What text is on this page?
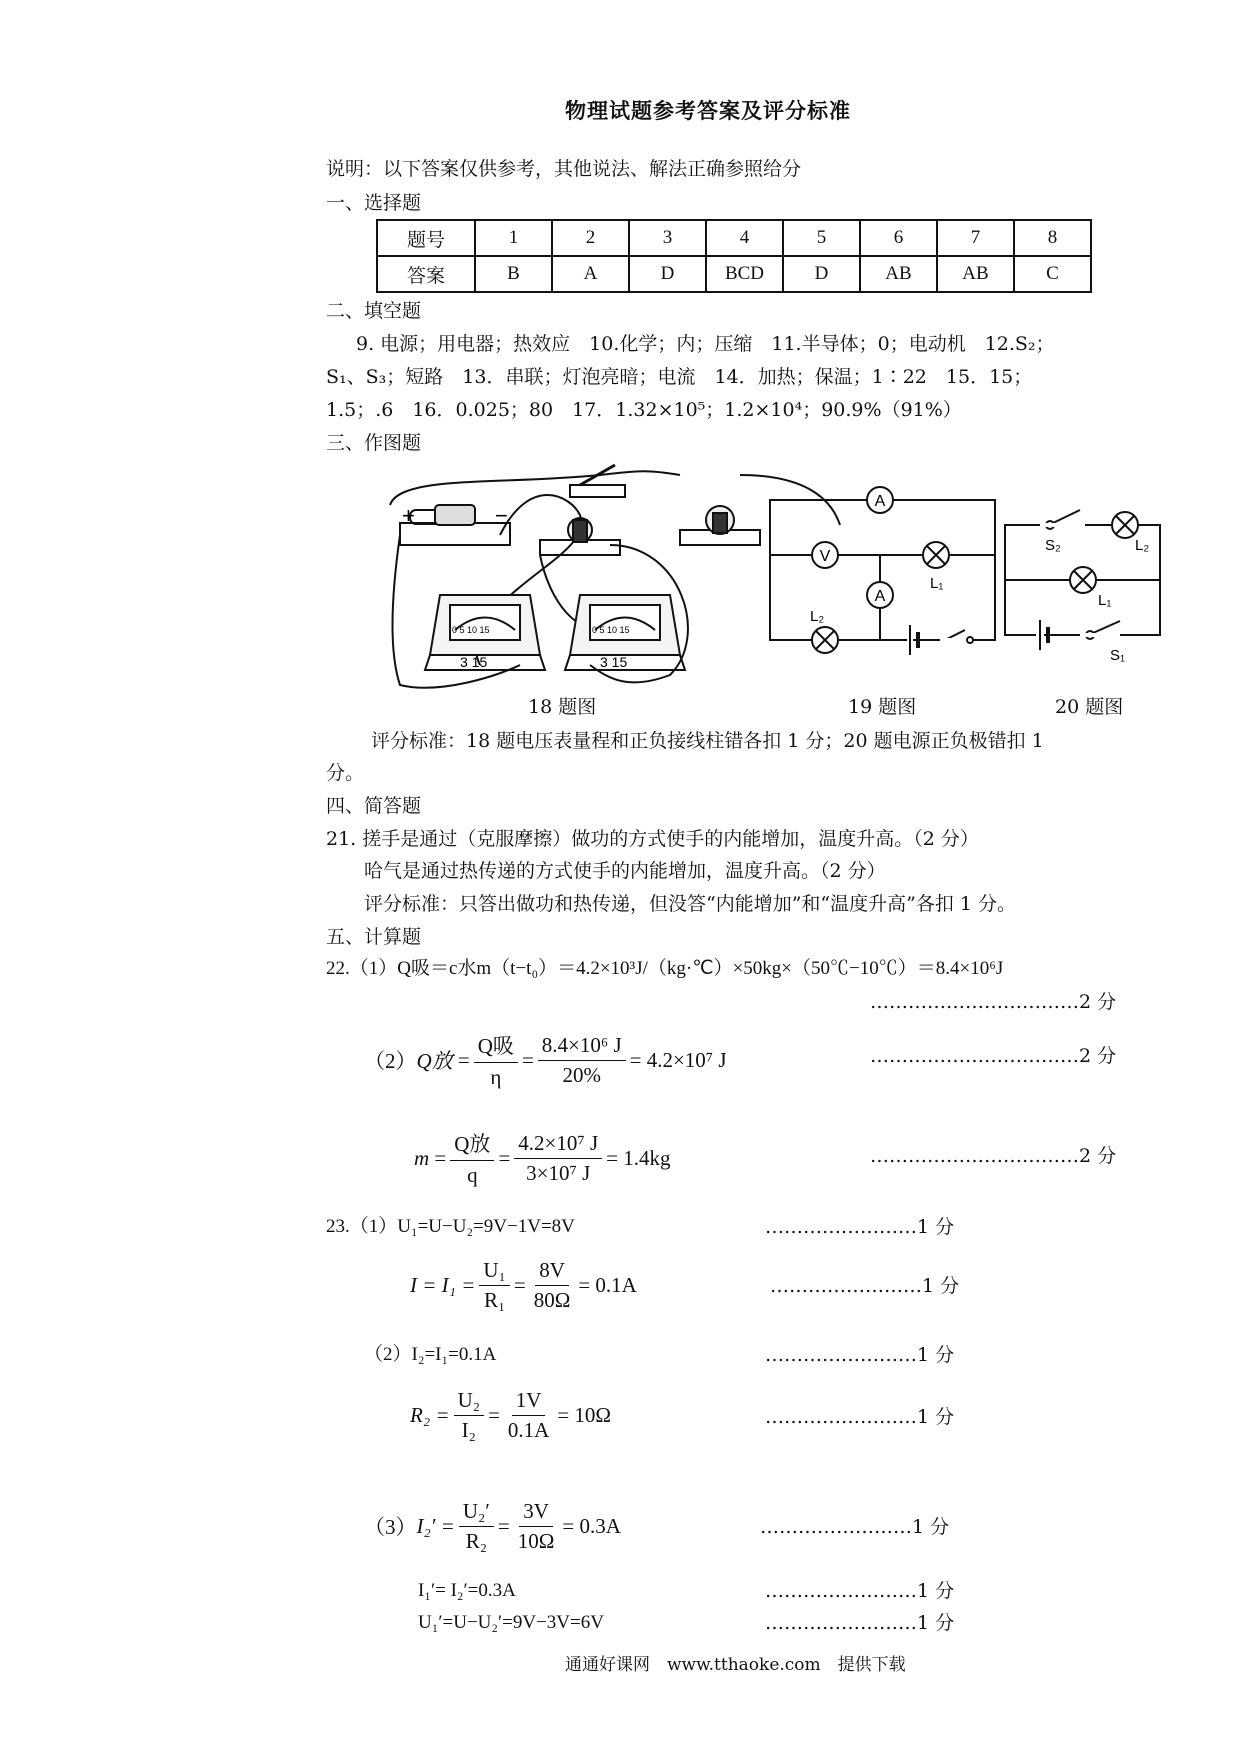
物理试题参考答案及评分标准
说明：以下答案仅供参考，其他说法、解法正确参照给分
一、选择题
题号	1	2	3	4	5	6	7	8
答案	B	A	D	BCD	D	AB	AB	C
二、填空题
9. 电源；用电器；热效应　10.化学；内；压缩　11.半导体；0；电动机　12.S₂；
S₁、S₃；短路　13．串联；灯泡亮暗；电流　14．加热；保温；1∶22　15．15；
1.5；.6　16．0.025；80　17．1.32×10⁵；1.2×10⁴；90.9%（91%）
三、作图题
+	−
0 5 10 15	0 5 10 15
3 15	3 15
A
V
A
L₁
L₂
S₂	L₂
L₁
S₁
18 题图	19 题图	20 题图
评分标准：18 题电压表量程和正负接线柱错各扣 1 分；20 题电源正负极错扣 1
分。
四、简答题
21. 搓手是通过（克服摩擦）做功的方式使手的内能增加，温度升高。（2 分）
哈气是通过热传递的方式使手的内能增加，温度升高。（2 分）
评分标准：只答出做功和热传递，但没答“内能增加”和“温度升高”各扣 1 分。
五、计算题
22.（1）Q吸＝c水m（t−t₀）＝4.2×10³J/（kg·℃）×50kg×（50℃−10℃）＝8.4×10⁶J
……………………………2 分
（2） Q放 = $\frac{\text{Q吸}}{\eta} = \frac{\text{8.4×10⁶ J}}{20\%} = 4.2\times 10^7$ J	……………………………2 分
$m = \frac{\text{Q放}}{q} = \frac{\text{4.2×10⁷ J}}{\text{3×10⁷ J}} = 1.4kg$	……………………………2 分
23.（1）U₁=U−U₂=9V−1V=8V	……………………1 分
$I = I_1 = \frac{\text{U₁}}{\text{R₁}} = \frac{8V}{80\Omega} = 0.1A$	……………………1 分
（2）I₂=I₁=0.1A	……………………1 分
$R_2 = \frac{\text{U₂}}{\text{I₂}} = \frac{1V}{0.1A} = 10\Omega$	……………………1 分
（3） $I_2' = \frac{\text{U₂′}}{\text{R₂}} = \frac{3V}{10\Omega} = 0.3A$	……………………1 分
I₁′= I₂′=0.3A	……………………1 分
U₁′=U−U₂′=9V−3V=6V	……………………1 分
通通好课网　www.tthaoke.com　提供下载
